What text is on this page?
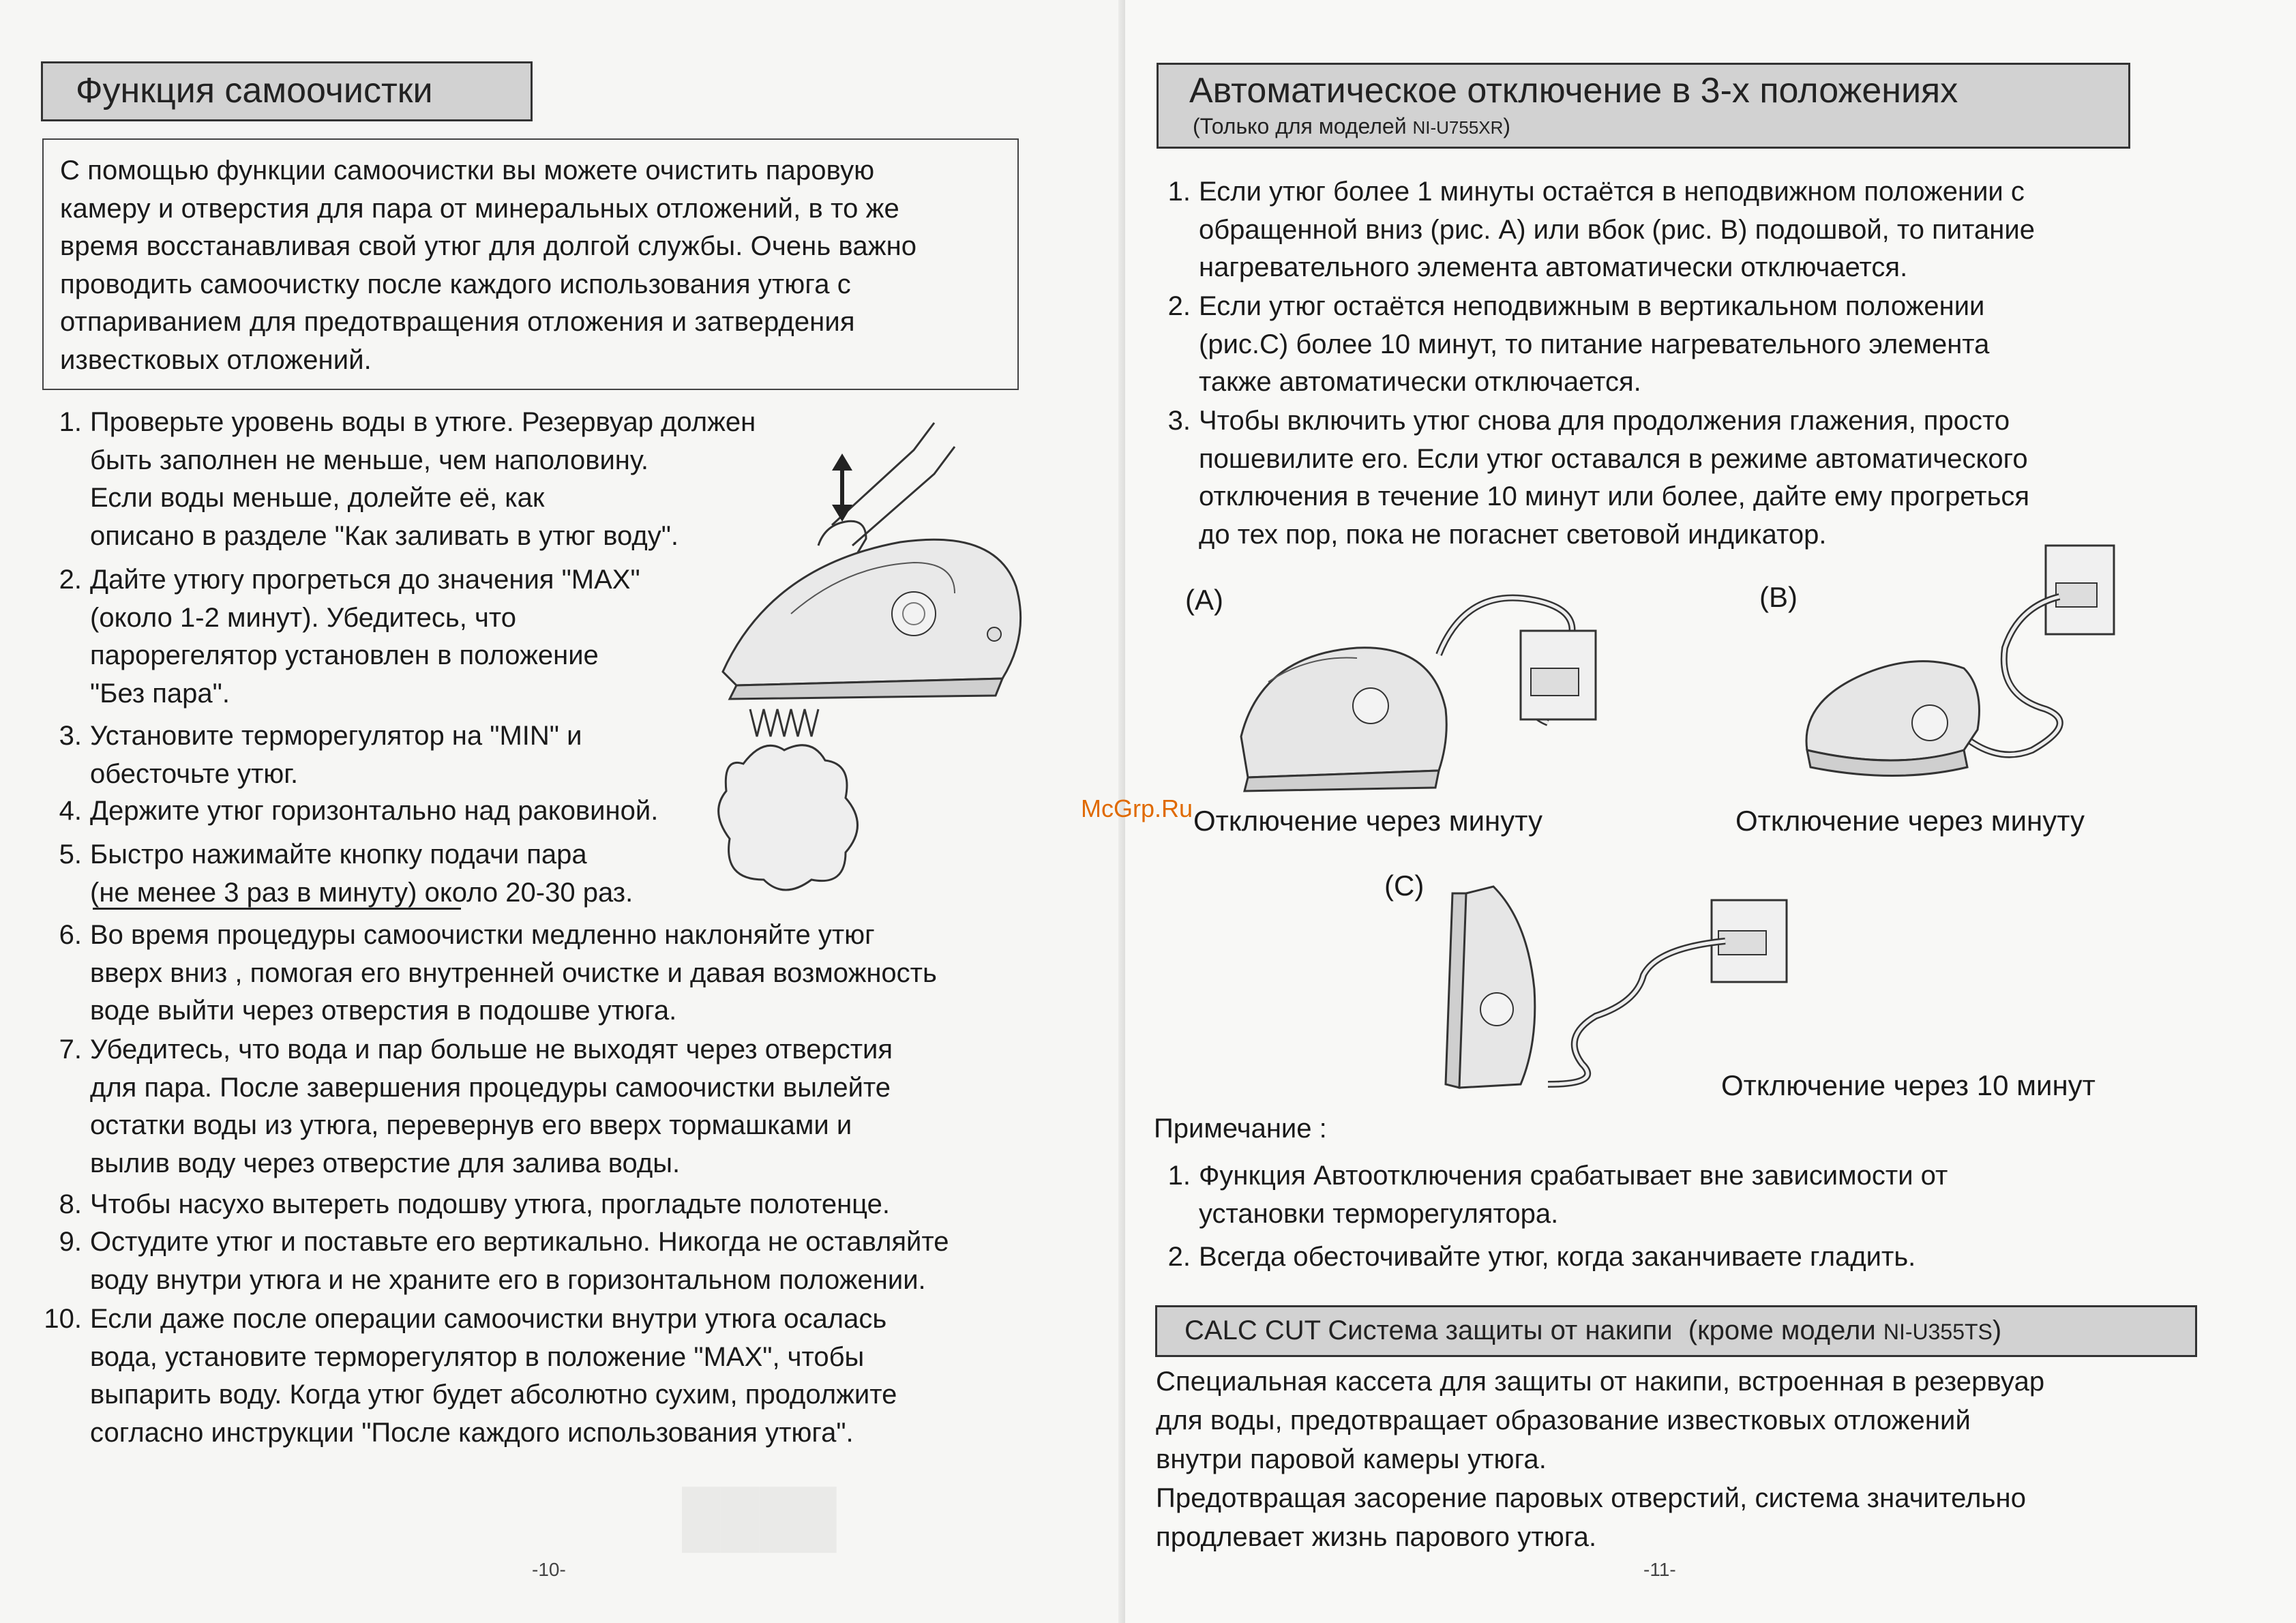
Функция самоочистки
С помощью функции самоочистки вы можете очистить паровую
камеру и отверстия для пара от минеральных отложений, в то же
время восстанавливая свой утюг для долгой службы. Очень важно
проводить самоочистку после каждого использования утюга с
отпариванием для предотвращения отложения и затвердения
известковых отложений.
1. Проверьте уровень воды в утюге. Резервуар должен
быть заполнен не меньше, чем наполовину.
Если воды меньше, долейте её, как
описано в разделе "Как заливать в утюг воду".
2. Дайте утюгу прогреться до значения "MAX"
(около 1-2 минут). Убедитесь, что
парорегелятор установлен в положение
"Без пара".
3. Установите терморегулятор на "MIN" и
обесточьте утюг.
4. Держите утюг горизонтально над раковиной.
5. Быстро нажимайте кнопку подачи пара
(не менее 3 раз в минуту) около 20-30 раз.
6. Во время процедуры самоочистки медленно наклоняйте утюг
вверх вниз , помогая его внутренней очистке и давая возможность
воде выйти через отверстия в подошве утюга.
7. Убедитесь, что вода и пар больше не выходят через отверстия
для пара. После завершения процедуры самоочистки вылейте
остатки воды из утюга, перевернув его вверх тормашками и
вылив воду через отверстие для залива воды.
8. Чтобы насухо вытереть подошву утюга, прогладьте полотенце.
9. Остудите утюг и поставьте его вертикально. Никогда не оставляйте
воду внутри утюга и не храните его в горизонтальном положении.
10. Если даже после операции самоочистки внутри утюга осалась
вода, установите терморегулятор в положение "MAX", чтобы
выпарить воду. Когда утюг будет абсолютно сухим, продолжите
согласно инструкции "После каждого использования утюга".
████
-10-
Автоматическое отключение в 3-х положениях
(Только для моделей NI-U755XR)
1. Если утюг более 1 минуты остаётся в неподвижном положении с
обращенной вниз (рис. A) или вбок (рис. B) подошвой, то питание
нагревательного элемента автоматически отключается.
2. Если утюг остаётся неподвижным в вертикальном положении
(рис.С) более 10 минут, то питание нагревательного элемента
также автоматически отключается.
3. Чтобы включить утюг снова для продолжения глажения, просто
пошевилите его. Если утюг оставался в режиме автоматического
отключения в течение 10 минут или более, дайте ему прогреться
до тех пор, пока не погаснет световой индикатор.
(A)
Отключение через минуту
(B)
Отключение через минуту
(C)
Отключение через 10 минут
Примечание :
1. Функция Автоотключения срабатывает вне зависимости от
установки терморегулятора.
2. Всегда обесточивайте утюг, когда заканчиваете гладить.
CALC CUT Система защиты от накипи (кроме модели NI-U355TS)
Специальная кассета для защиты от накипи, встроенная в резервуар
для воды, предотвращает образование известковых отложений
внутри паровой камеры утюга.
Предотвращая засорение паровых отверстий, система значительно
продлевает жизнь парового утюга.
-11-
McGrp.Ru
